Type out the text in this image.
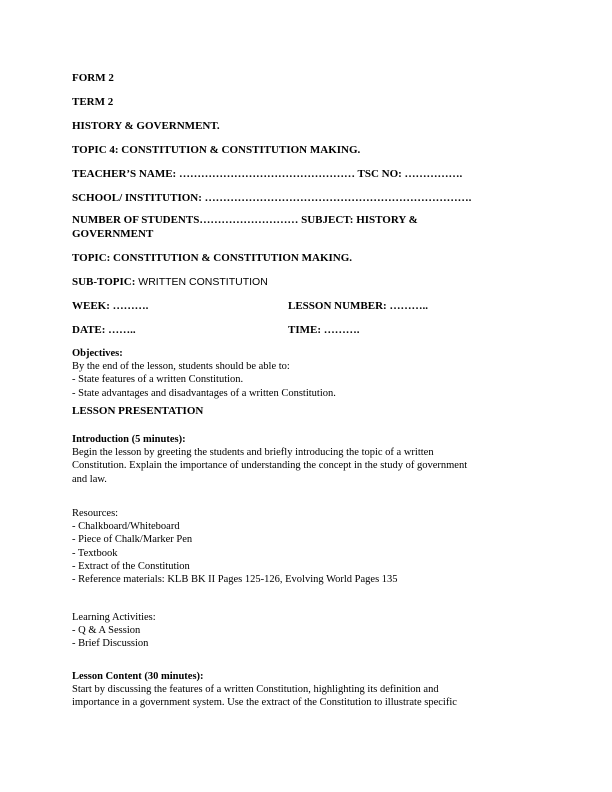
FORM 2
TERM 2
HISTORY & GOVERNMENT.
TOPIC 4: CONSTITUTION & CONSTITUTION MAKING.
TEACHER’S NAME: ………………………………………… TSC NO: …………….
SCHOOL/ INSTITUTION: ……………………………………………………………….
NUMBER OF STUDENTS……………………… SUBJECT: HISTORY &
GOVERNMENT
TOPIC: CONSTITUTION & CONSTITUTION MAKING.
SUB-TOPIC: WRITTEN CONSTITUTION
WEEK: ……….	LESSON NUMBER: ………..
DATE: ……..	TIME: ……….
Objectives:
By the end of the lesson, students should be able to:
- State features of a written Constitution.
- State advantages and disadvantages of a written Constitution.
LESSON PRESENTATION
Introduction (5 minutes):
Begin the lesson by greeting the students and briefly introducing the topic of a written
Constitution. Explain the importance of understanding the concept in the study of government
and law.
Resources:
- Chalkboard/Whiteboard
- Piece of Chalk/Marker Pen
- Textbook
- Extract of the Constitution
- Reference materials: KLB BK II Pages 125-126, Evolving World Pages 135
Learning Activities:
- Q & A Session
- Brief Discussion
Lesson Content (30 minutes):
Start by discussing the features of a written Constitution, highlighting its definition and
importance in a government system. Use the extract of the Constitution to illustrate specific
